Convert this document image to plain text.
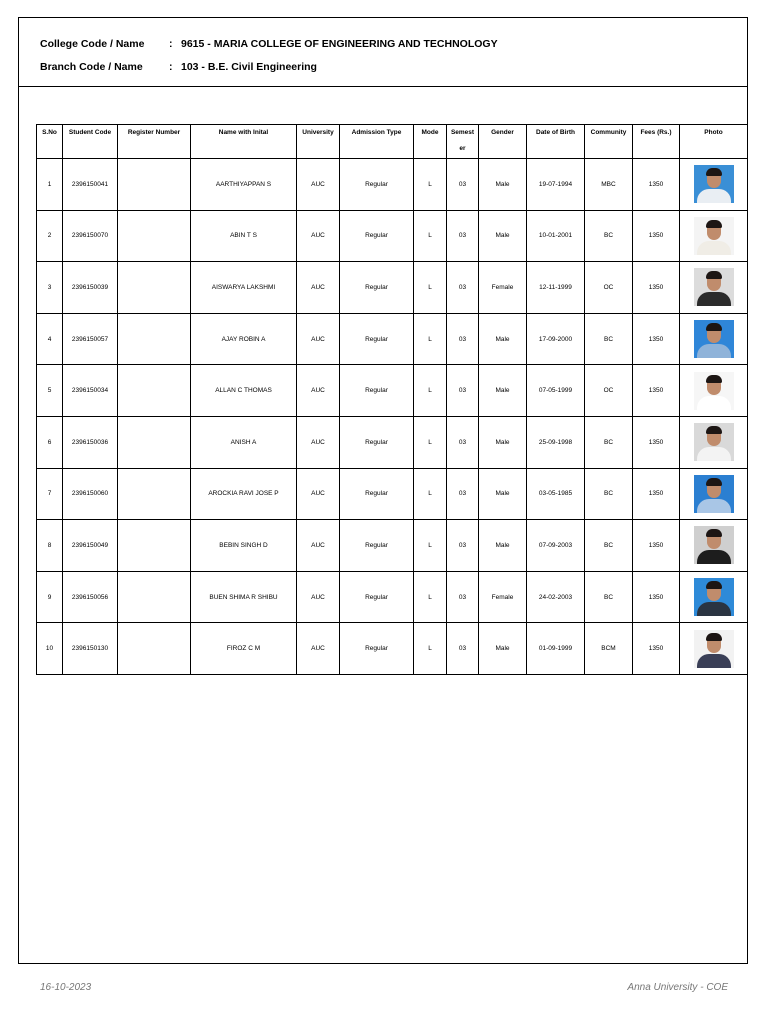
College Code / Name : 9615 - MARIA COLLEGE OF ENGINEERING AND TECHNOLOGY
Branch Code / Name	: 103 - B.E. Civil Engineering
S.No	Student Code	Register Number	Name with Inital	University	Admission Type	Mode	Semest er	Gender	Date of Birth	Community	Fees (Rs.)	Photo
1	2396150041		AARTHIYAPPAN S	AUC	Regular	L	03	Male	19-07-1994	MBC	1350	

2	2396150070		ABIN T S	AUC	Regular	L	03	Male	10-01-2001	BC	1350	

3	2396150039		AISWARYA LAKSHMI	AUC	Regular	L	03	Female	12-11-1999	OC	1350	

4	2396150057		AJAY ROBIN A	AUC	Regular	L	03	Male	17-09-2000	BC	1350	

5	2396150034		ALLAN C THOMAS	AUC	Regular	L	03	Male	07-05-1999	OC	1350	

6	2396150036		ANISH A	AUC	Regular	L	03	Male	25-09-1998	BC	1350	

7	2396150060		AROCKIA RAVI JOSE P	AUC	Regular	L	03	Male	03-05-1985	BC	1350	

8	2396150049		BEBIN SINGH D	AUC	Regular	L	03	Male	07-09-2003	BC	1350	

9	2396150056		BUEN SHIMA R SHIBU	AUC	Regular	L	03	Female	24-02-2003	BC	1350	

10	2396150130		FIROZ C M	AUC	Regular	L	03	Male	01-09-1999	BCM	1350	
16-10-2023	Anna University - COE
